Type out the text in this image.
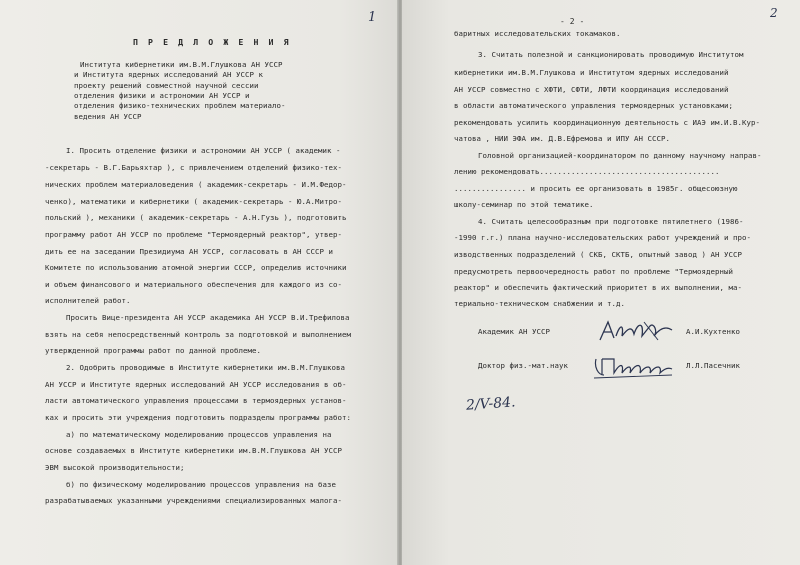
1
П Р Е Д Л О Ж Е Н И Я
Института кибернетики им.В.М.Глушкова АН УССР
и Института ядерных исследований АН УССР к
проекту решений совместной научной сессии
отделения физики и астрономии АН УССР и
отделения физико-технических проблем материало-
ведения АН УССР
I. Просить отделение физики и астрономии АН УССР ( академик -
-секретарь - В.Г.Барьяхтар ), с привлечением отделений физико-тех-
нических проблем материаловедения ( академик-секретарь - И.М.Федор-
ченко), математики и кибернетики ( академик-секретарь - Ю.А.Митро-
польский ), механики ( академик-секретарь - А.Н.Гузь ), подготовить
программу работ АН УССР по проблеме "Термоядерный реактор", утвер-
дить ее на заседании Президиума АН УССР, согласовать в АН СССР и
Комитете по использованию атомной энергии СССР, определив источники
и объем финансового и материального обеспечения для каждого из со-
исполнителей работ.
Просить Вице-президента АН УССР академика АН УССР В.И.Трефилова
взять на себя непосредственный контроль за подготовкой и выполнением
утвержденной программы работ по данной проблеме.
2. Одобрить проводимые в Институте кибернетики им.В.М.Глушкова
АН УССР и Институте ядерных исследований АН УССР исследования в об-
ласти автоматического управления процессами в термоядерных установ-
ках и просить эти учреждения подготовить подразделы программы работ:
а) по математическому моделированию процессов управления на
основе создаваемых в Институте кибернетики им.В.М.Глушкова АН УССР
ЭВМ высокой производительности;
б) по физическому моделированию процессов управления на базе
разрабатываемых указанными учреждениями специализированных малога-
2
- 2 -
баритных исследовательских токамаков.
3. Считать полезной и санкционировать проводимую Институтом
кибернетики им.В.М.Глушкова и Институтом ядерных исследований
АН УССР совместно с ХФТИ, СФТИ, ЛФТИ координация исследований
в области автоматического управления термоядерных установками;
рекомендовать усилить координационную деятельность с ИАЭ им.И.В.Кур-
чатова , НИИ ЭФА им. Д.В.Ефремова и ИПУ АН СССР.
Головной организацией-координатором по данному научному направ-
лению рекомендовать........................................
................ и просить ее организовать в 1985г. общесоюзную
школу-семинар по этой тематике.
4. Считать целесообразным при подготовке пятилетнего (1986-
-1990 г.г.) плана научно-исследовательских работ учреждений и про-
изводственных подразделений ( СКБ, СКТБ, опытный завод ) АН УССР
предусмотреть первоочередность работ по проблеме "Термоядерный
реактор" и обеспечить фактический приоритет в их выполнении, ма-
териально-техническом снабжении и т.д.
Академик АН УССР	А.И.Кухтенко
Доктор физ.-мат.наук	Л.Л.Пасечник
2/V-84.
